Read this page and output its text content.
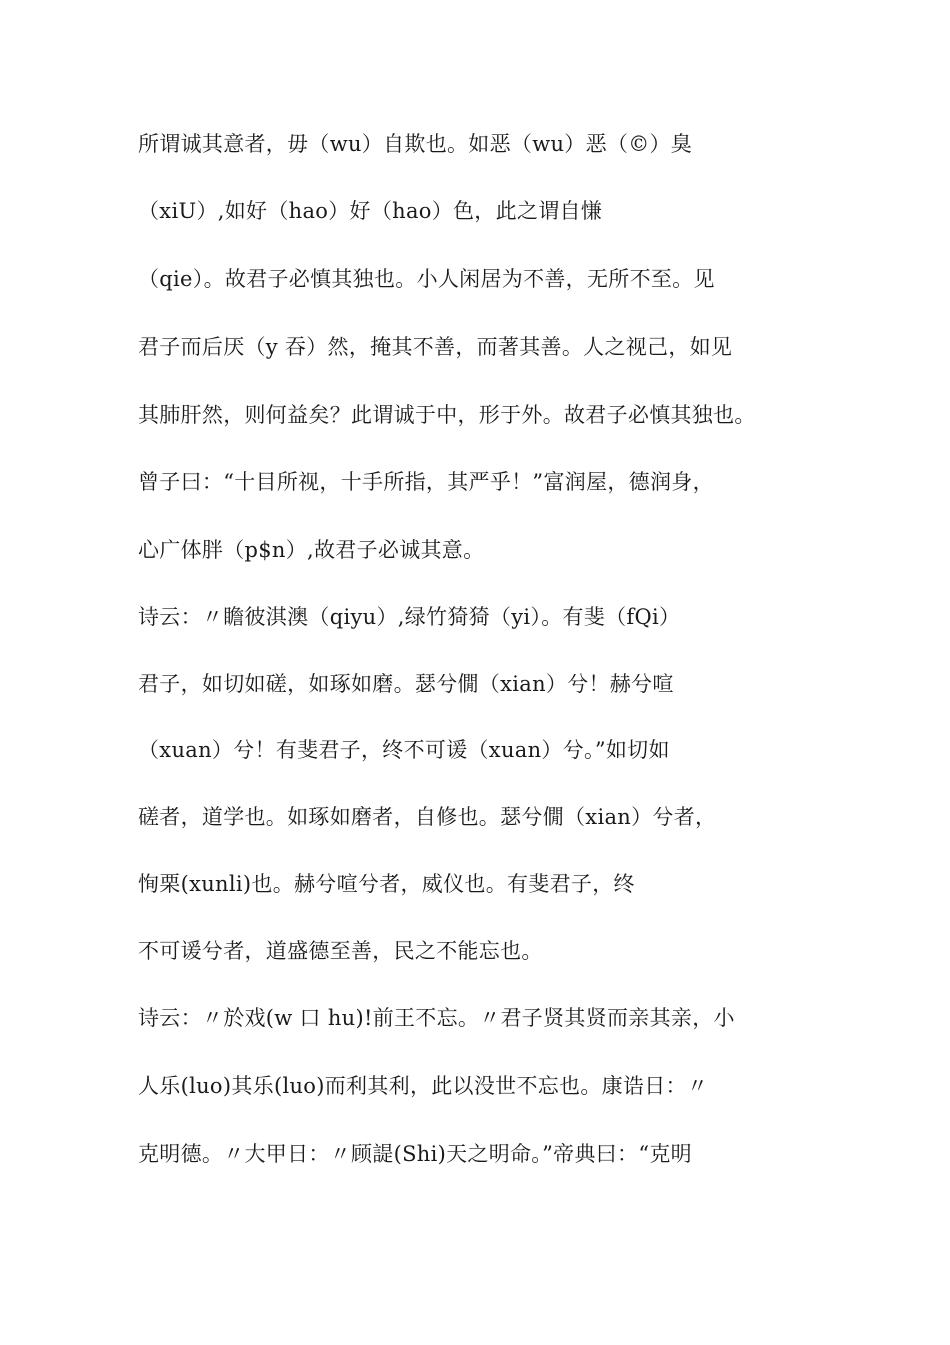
所谓诚其意者，毋（wu）自欺也。如恶（wu）恶（©）臭
（xiU）,如好（hao）好（hao）色，此之谓自慊
（qie）。故君子必慎其独也。小人闲居为不善，无所不至。见
君子而后厌（y 吞）然，掩其不善，而著其善。人之视己，如见
其肺肝然，则何益矣？此谓诚于中，形于外。故君子必慎其独也。
曾子曰：“十目所视，十手所指，其严乎！”富润屋，德润身，
心广体胖（p$n）,故君子必诚其意。
诗云：〃瞻彼淇澳（qiyu）,绿竹猗猗（yi）。有斐（fQi）
君子，如切如磋，如琢如磨。瑟兮僩（xian）兮！赫兮喧
（xuan）兮！有斐君子，终不可谖（xuan）兮。”如切如
磋者，道学也。如琢如磨者，自修也。瑟兮僩（xian）兮者，
恂栗(xunli)也。赫兮喧兮者，威仪也。有斐君子，终
不可谖兮者，道盛德至善，民之不能忘也。
诗云：〃於戏(w 口 hu)!前王不忘。〃君子贤其贤而亲其亲，小
人乐(luo)其乐(luo)而利其利，此以没世不忘也。康诰日：〃
克明德。〃大甲日：〃顾諟(Shi)天之明命。”帝典曰：“克明
